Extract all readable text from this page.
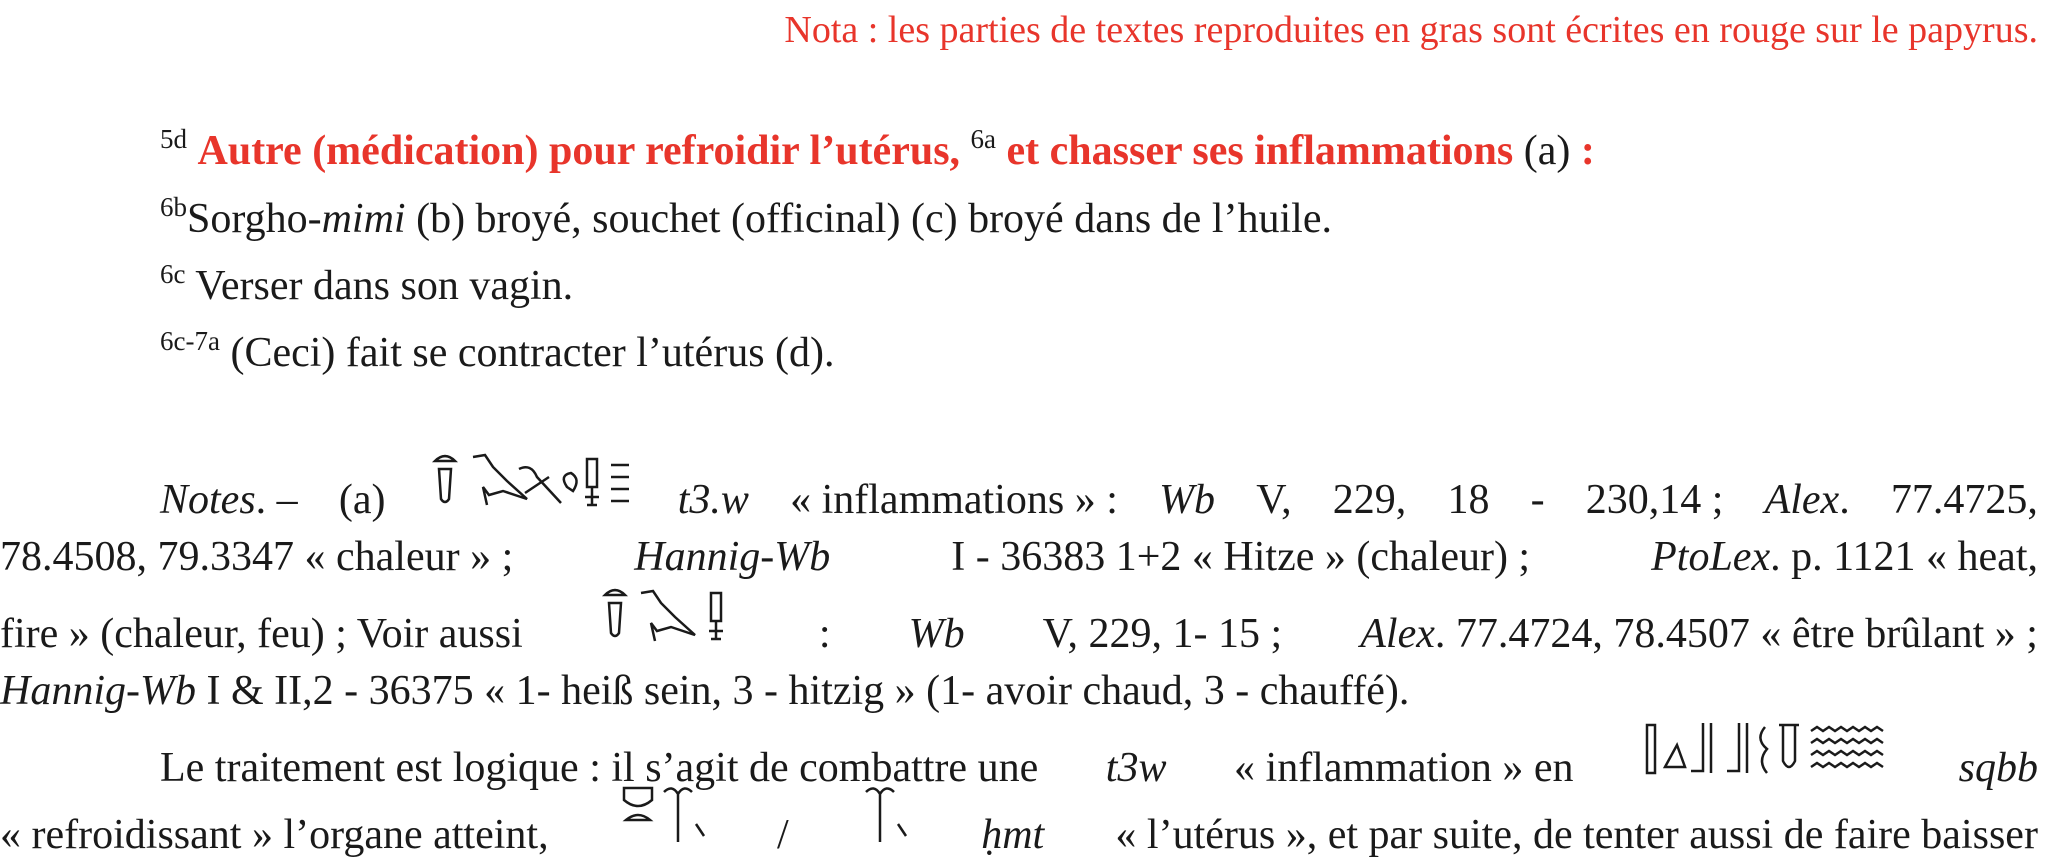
Nota : les parties de textes reproduites en gras sont écrites en rouge sur le papyrus.
$^{5d}$ Autre (médication) pour refroidir l’utérus, $^{6a}$ et chasser ses inflammations (a) :
$^{6b}$Sorgho-mimi (b) broyé, souchet (officinal) (c) broyé dans de l’huile.
$^{6c}$ Verser dans son vagin.
$^{6c-7a}$ (Ceci) fait se contracter l’utérus (d).
Notes. – (a)	t3.w « inflammations » : Wb V, 229, 18 - 230,14 ; Alex. 77.4725,
78.4508, 79.3347 « chaleur » ;	Hannig-Wb	I - 36383 1+2 « Hitze » (chaleur) ;	PtoLex. p. 1121 « heat,
fire » (chaleur, feu) ; Voir aussi	: Wb V, 229, 1- 15 ; Alex. 77.4724, 78.4507 « être brûlant » ;
Hannig-Wb I & II,2 - 36375 « 1- heiß sein, 3 - hitzig » (1- avoir chaud, 3 - chauffé).
Le traitement est logique : il s’agit de combattre une t3w « inflammation » en	sqbb
« refroidissant » l’organe atteint,	/	ḥmt « l’utérus », et par suite, de tenter aussi de faire baisser
